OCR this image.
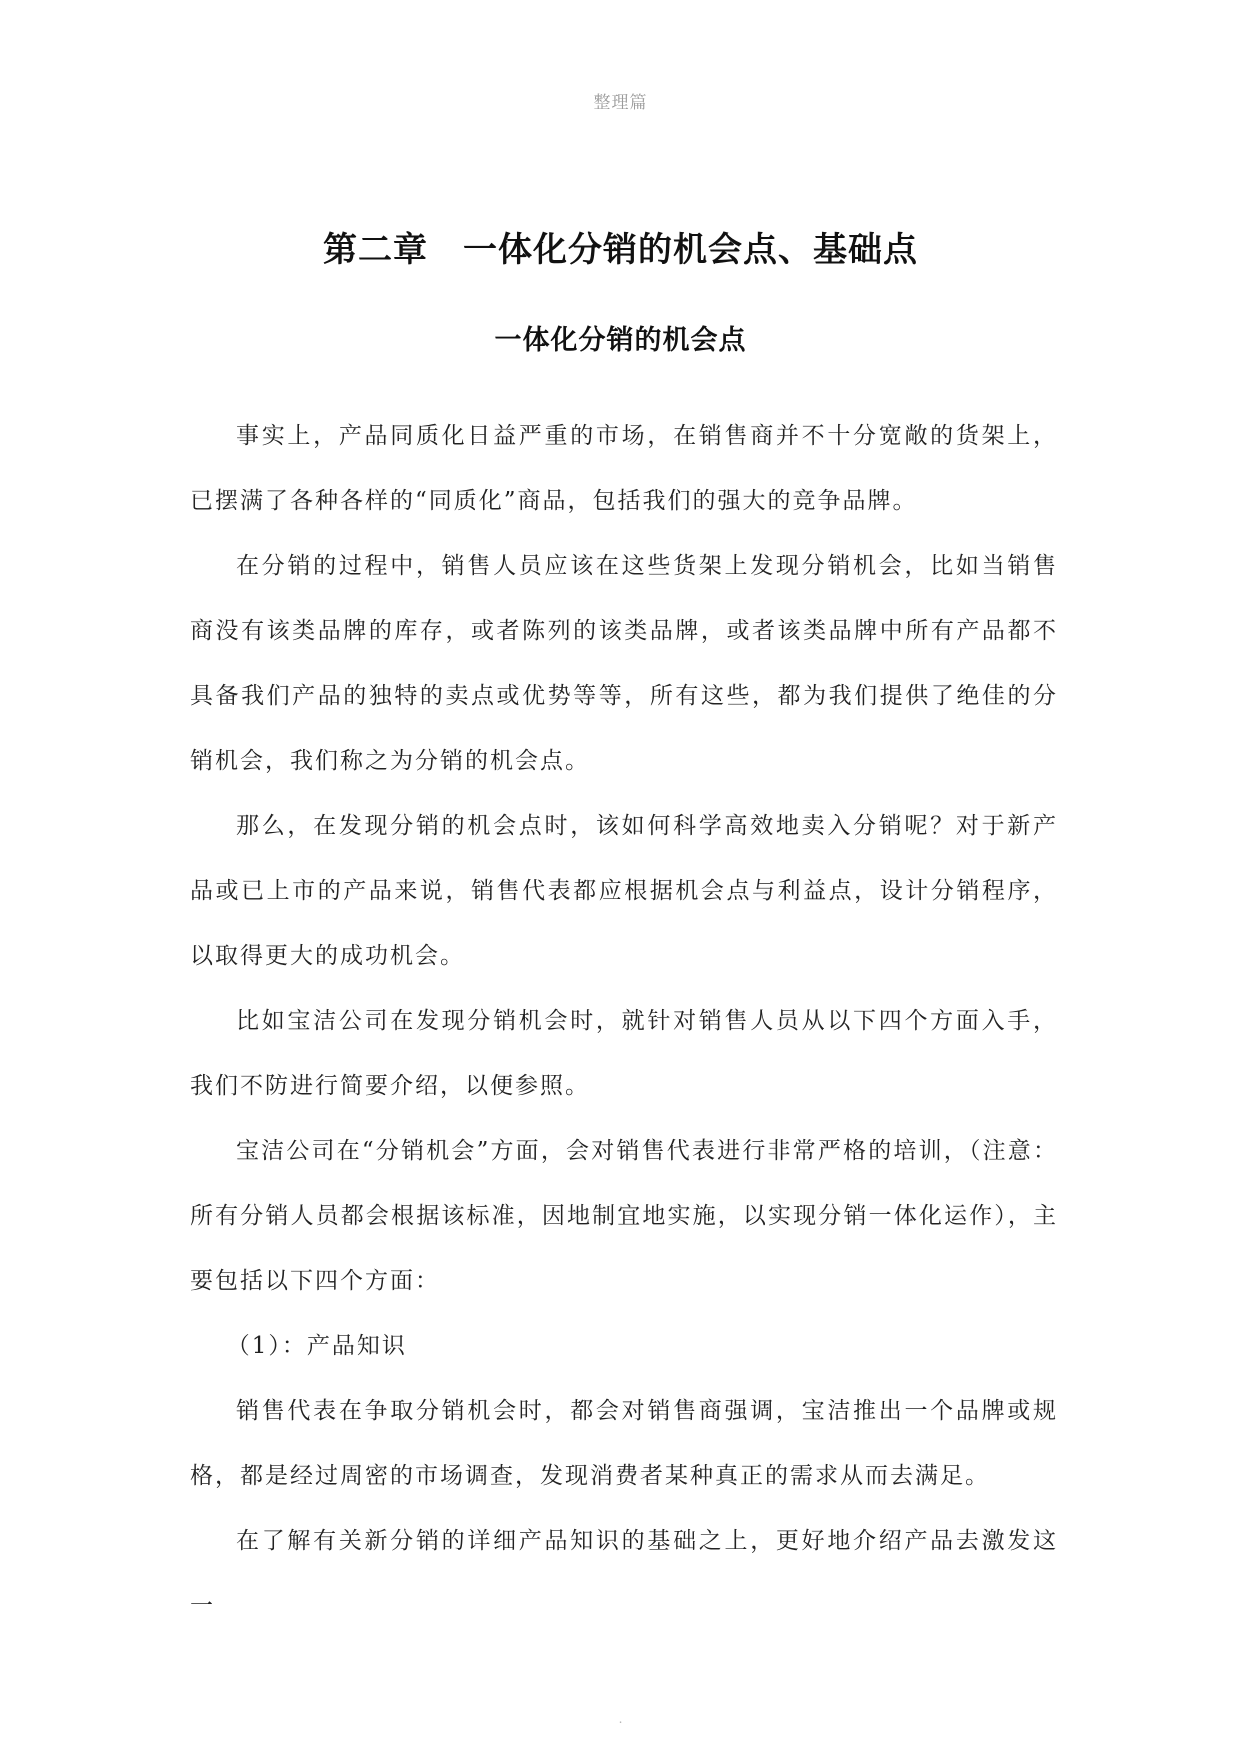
整理篇
第二章　一体化分销的机会点、基础点
一体化分销的机会点

事实上，产品同质化日益严重的市场，在销售商并不十分宽敞的货架上，已摆满了各种各样的“同质化”商品，包括我们的强大的竞争品牌。

在分销的过程中，销售人员应该在这些货架上发现分销机会，比如当销售商没有该类品牌的库存，或者陈列的该类品牌，或者该类品牌中所有产品都不具备我们产品的独特的卖点或优势等等，所有这些，都为我们提供了绝佳的分销机会，我们称之为分销的机会点。

那么，在发现分销的机会点时，该如何科学高效地卖入分销呢？对于新产品或已上市的产品来说，销售代表都应根据机会点与利益点，设计分销程序，以取得更大的成功机会。

比如宝洁公司在发现分销机会时，就针对销售人员从以下四个方面入手，我们不防进行简要介绍，以便参照。

宝洁公司在“分销机会”方面，会对销售代表进行非常严格的培训，（注意：所有分销人员都会根据该标准，因地制宜地实施，以实现分销一体化运作），主要包括以下四个方面：

（1）：产品知识

销售代表在争取分销机会时，都会对销售商强调，宝洁推出一个品牌或规格，都是经过周密的市场调查，发现消费者某种真正的需求从而去满足。

在了解有关新分销的详细产品知识的基础之上，更好地介绍产品去激发这一

.
